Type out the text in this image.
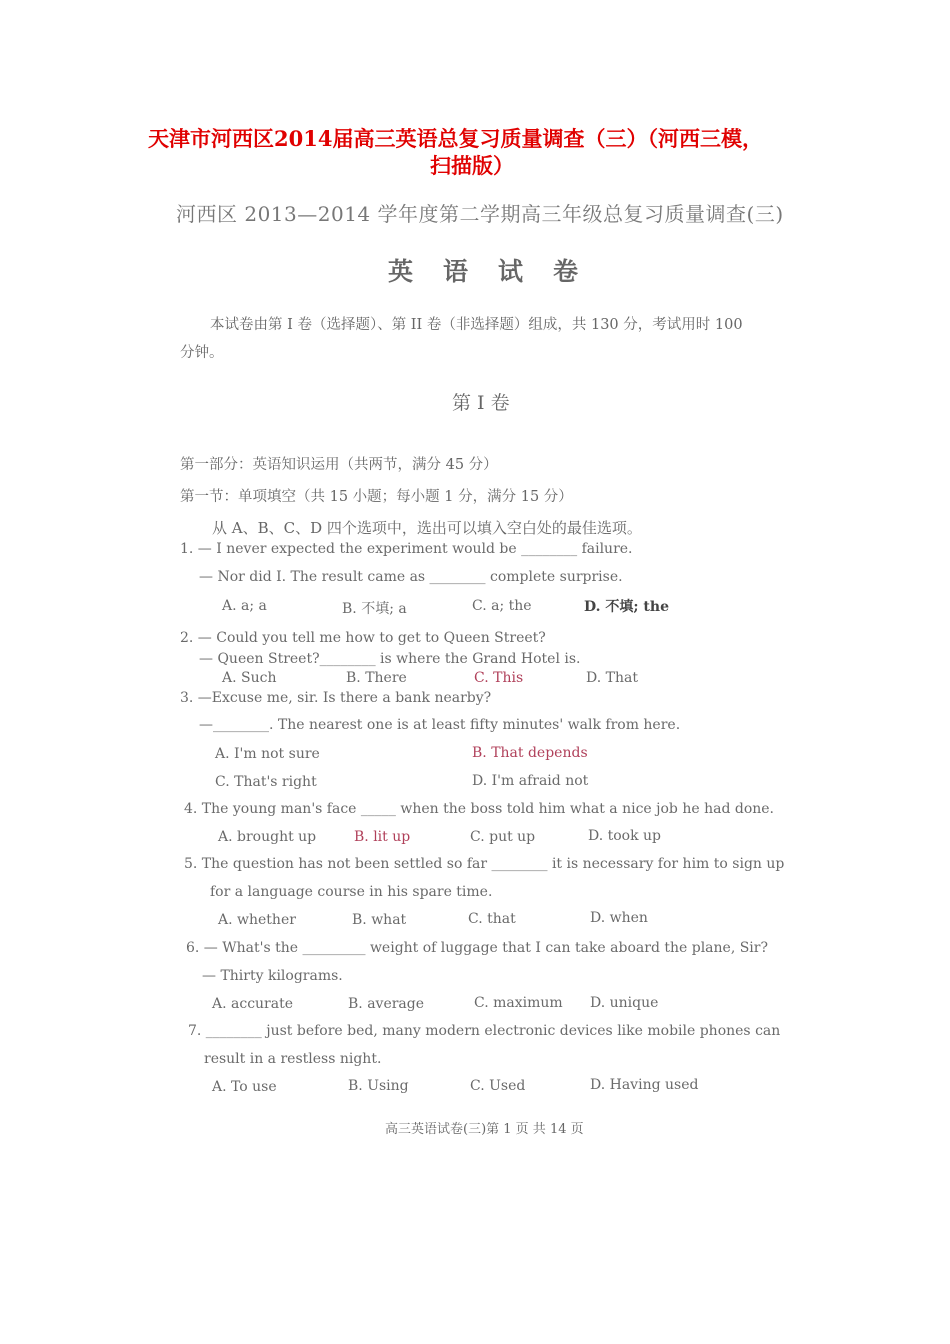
天津市河西区2014届高三英语总复习质量调查（三）（河西三模，
扫描版）
河西区 2013—2014 学年度第二学期高三年级总复习质量调查(三)
英语试卷
本试卷由第 I 卷（选择题）、第 II 卷（非选择题）组成，共 130 分，考试用时 100
分钟。
第 I 卷
第一部分：英语知识运用（共两节，满分 45 分）
第一节：单项填空（共 15 小题；每小题 1 分，满分 15 分）
从 A、B、C、D 四个选项中，选出可以填入空白处的最佳选项。
1. — I never expected the experiment would be ________ failure.
— Nor did I. The result came as ________ complete surprise.
A. a; a	B. 不填; a	C. a; the	D. 不填; the
2. — Could you tell me how to get to Queen Street?
— Queen Street?________ is where the Grand Hotel is.
A. Such	B. There	C. This	D. That
3. —Excuse me, sir. Is there a bank nearby?
—________. The nearest one is at least fifty minutes' walk from here.
A. I'm not sure	B. That depends
C. That's right	D. I'm afraid not
4. The young man's face _____ when the boss told him what a nice job he had done.
A. brought up	B. lit up	C. put up	D. took up
5. The question has not been settled so far ________ it is necessary for him to sign up
for a language course in his spare time.
A. whether	B. what	C. that	D. when
6. — What's the _________ weight of luggage that I can take aboard the plane, Sir?
— Thirty kilograms.
A. accurate	B. average	C. maximum D. unique
7. ________ just before bed, many modern electronic devices like mobile phones can
result in a restless night.
A. To use	B. Using	C. Used	D. Having used
高三英语试卷(三)第 1 页 共 14 页
